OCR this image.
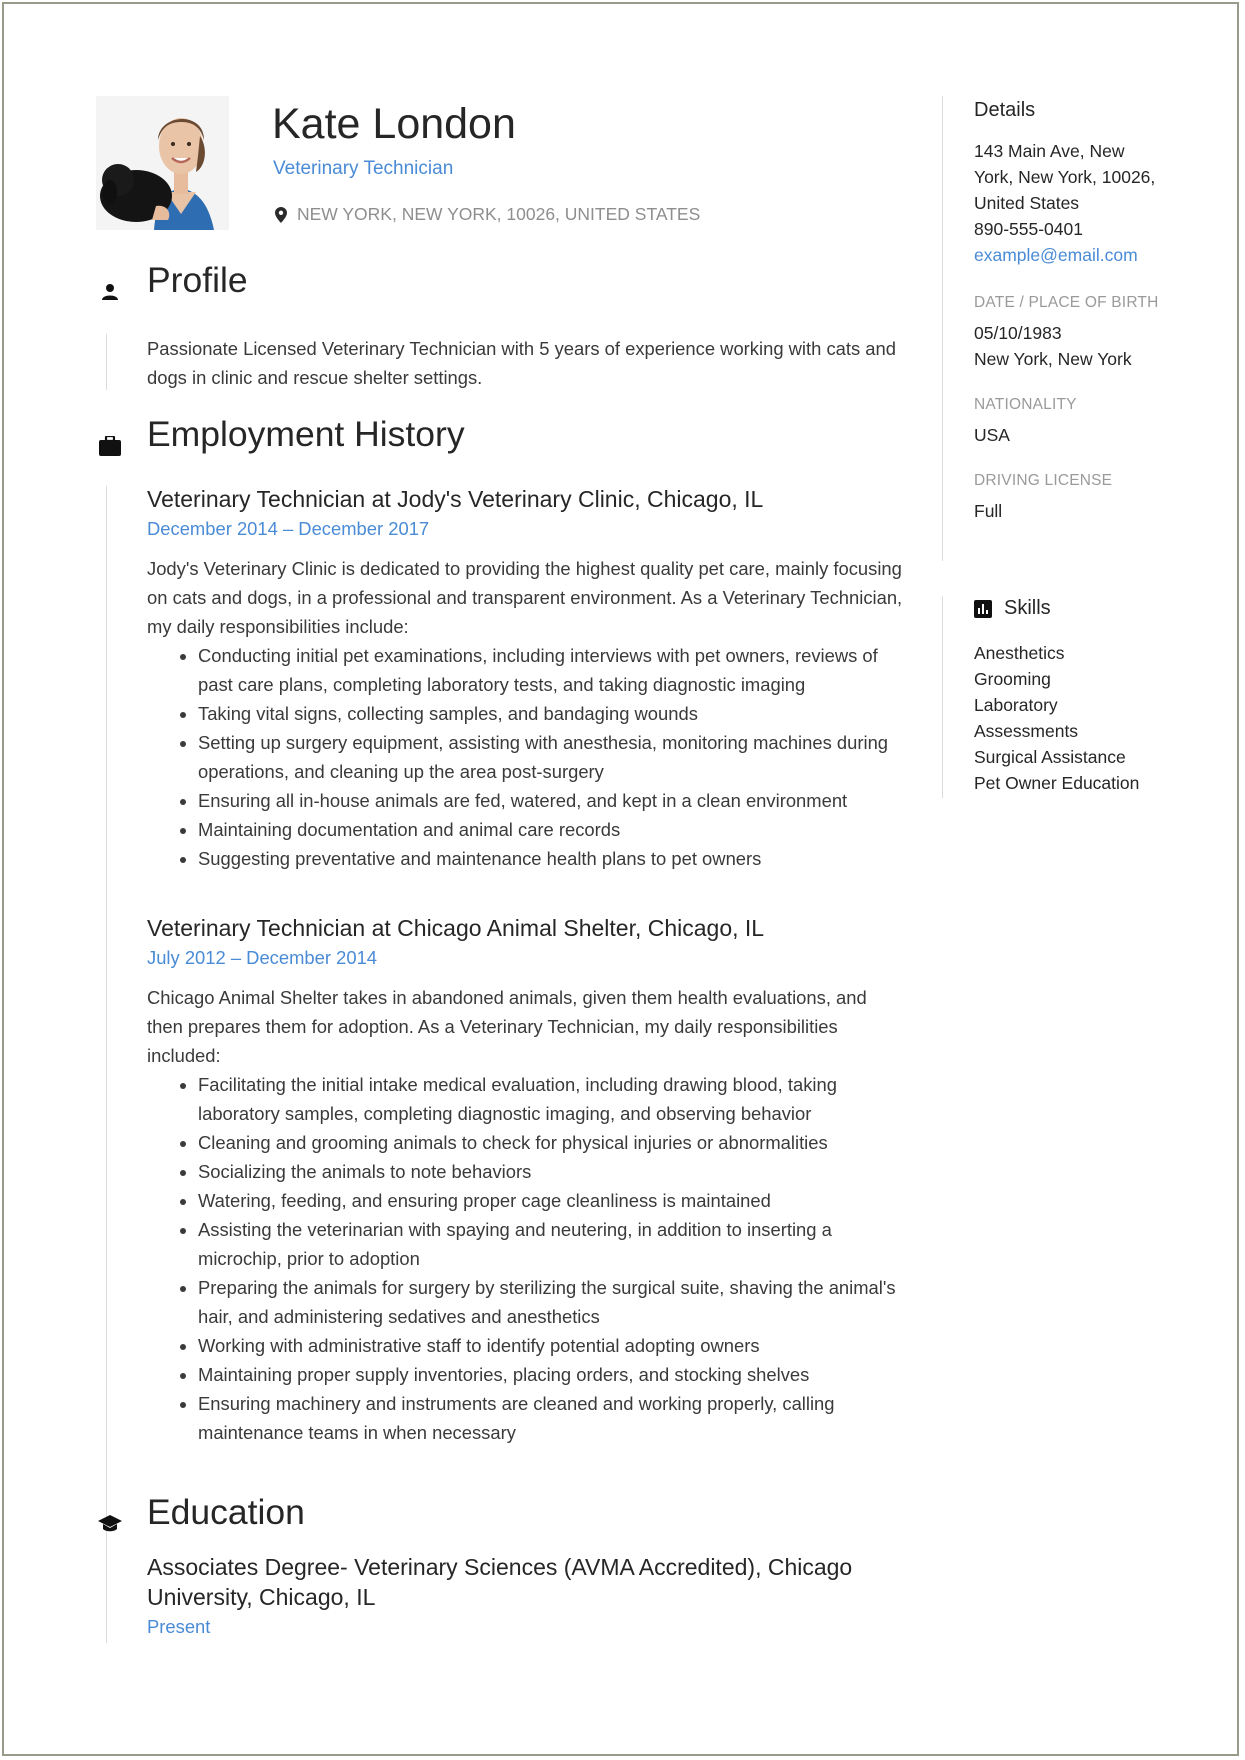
Kate London
Veterinary Technician
NEW YORK, NEW YORK, 10026, UNITED STATES
Profile

Passionate Licensed Veterinary Technician with 5 years of experience working with cats and dogs in clinic and rescue shelter settings.

Employment History
Veterinary Technician at Jody's Veterinary Clinic, Chicago, IL
December 2014 – December 2017

Jody's Veterinary Clinic is dedicated to providing the highest quality pet care, mainly focusing on cats and dogs, in a professional and transparent environment. As a Veterinary Technician, my daily responsibilities include:

• Conducting initial pet examinations, including interviews with pet owners, reviews of past care plans, completing laboratory tests, and taking diagnostic imaging
• Taking vital signs, collecting samples, and bandaging wounds
• Setting up surgery equipment, assisting with anesthesia, monitoring machines during operations, and cleaning up the area post-surgery
• Ensuring all in-house animals are fed, watered, and kept in a clean environment
• Maintaining documentation and animal care records
• Suggesting preventative and maintenance health plans to pet owners
Veterinary Technician at Chicago Animal Shelter, Chicago, IL
July 2012 – December 2014

Chicago Animal Shelter takes in abandoned animals, given them health evaluations, and then prepares them for adoption. As a Veterinary Technician, my daily responsibilities included:

• Facilitating the initial intake medical evaluation, including drawing blood, taking laboratory samples, completing diagnostic imaging, and observing behavior
• Cleaning and grooming animals to check for physical injuries or abnormalities
• Socializing the animals to note behaviors
• Watering, feeding, and ensuring proper cage cleanliness is maintained
• Assisting the veterinarian with spaying and neutering, in addition to inserting a microchip, prior to adoption
• Preparing the animals for surgery by sterilizing the surgical suite, shaving the animal's hair, and administering sedatives and anesthetics
• Working with administrative staff to identify potential adopting owners
• Maintaining proper supply inventories, placing orders, and stocking shelves
• Ensuring machinery and instruments are cleaned and working properly, calling maintenance teams in when necessary
Education
Associates Degree- Veterinary Sciences (AVMA Accredited), Chicago University, Chicago, IL
Present
Details
143 Main Ave, New
York, New York, 10026,
United States
890-555-0401
example@email.com
DATE / PLACE OF BIRTH
05/10/1983
New York, New York
NATIONALITY
USA
DRIVING LICENSE
Full
Skills
Anesthetics
Grooming
Laboratory
Assessments
Surgical Assistance
Pet Owner Education
